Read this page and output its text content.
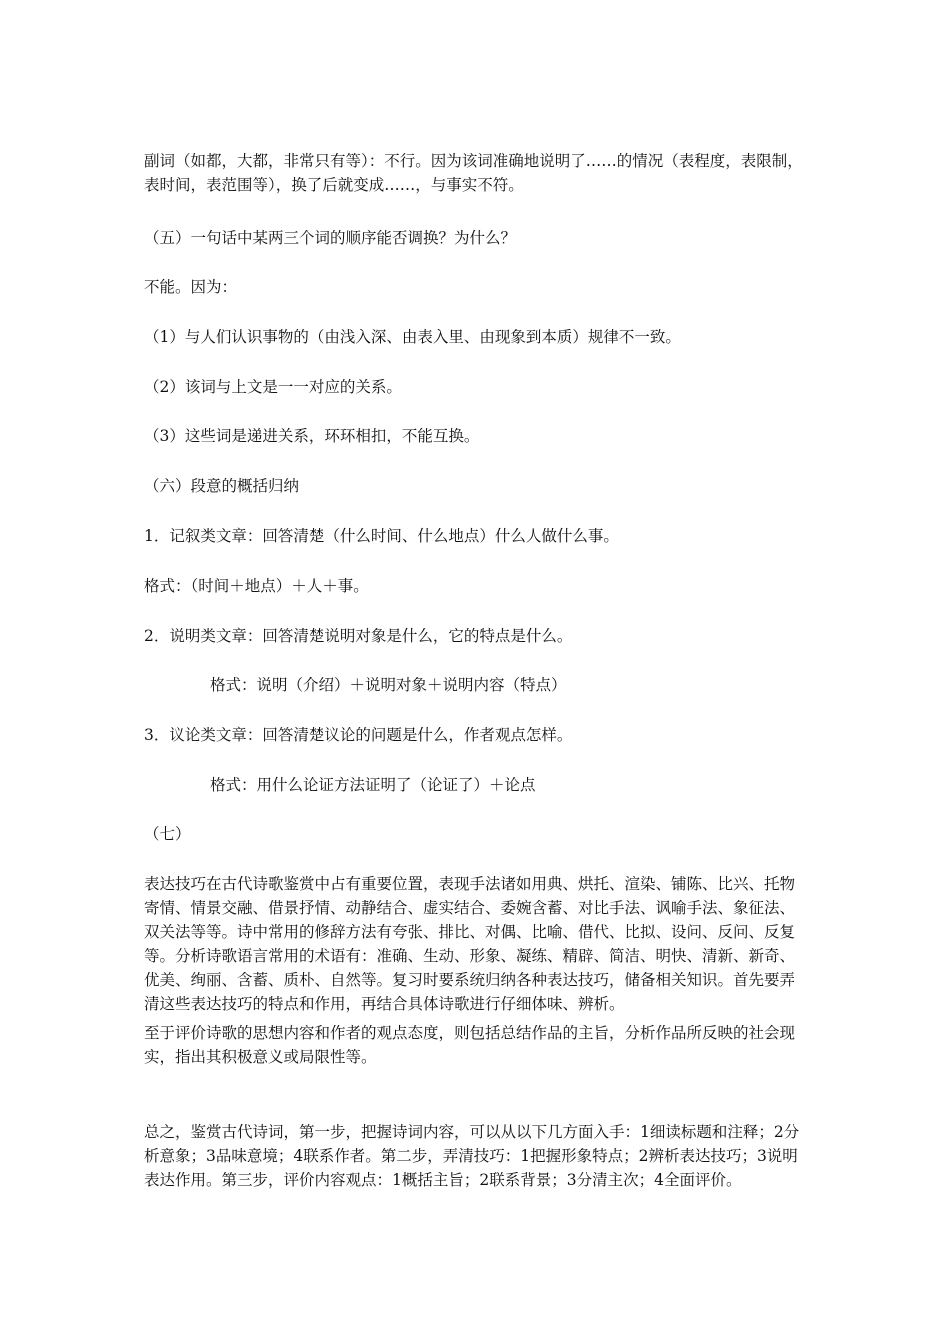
副词（如都，大都，非常只有等）：不行。因为该词准确地说明了……的情况（表程度，表限制，表时间，表范围等），换了后就变成……，与事实不符。

（五）一句话中某两三个词的顺序能否调换？为什么？

不能。因为：

（1）与人们认识事物的（由浅入深、由表入里、由现象到本质）规律不一致。

（2）该词与上文是一一对应的关系。

（3）这些词是递进关系，环环相扣，不能互换。

（六）段意的概括归纳

1．记叙类文章：回答清楚（什么时间、什么地点）什么人做什么事。

格式：（时间＋地点）＋人＋事。

2．说明类文章：回答清楚说明对象是什么，它的特点是什么。

格式：说明（介绍）＋说明对象＋说明内容（特点）

3．议论类文章：回答清楚议论的问题是什么，作者观点怎样。

格式：用什么论证方法证明了（论证了）＋论点

（七）

表达技巧在古代诗歌鉴赏中占有重要位置，表现手法诸如用典、烘托、渲染、铺陈、比兴、托物寄情、情景交融、借景抒情、动静结合、虚实结合、委婉含蓄、对比手法、讽喻手法、象征法、双关法等等。诗中常用的修辞方法有夸张、排比、对偶、比喻、借代、比拟、设问、反问、反复等。分析诗歌语言常用的术语有：准确、生动、形象、凝练、精辟、简洁、明快、清新、新奇、优美、绚丽、含蓄、质朴、自然等。复习时要系统归纳各种表达技巧，储备相关知识。首先要弄清这些表达技巧的特点和作用，再结合具体诗歌进行仔细体味、辨析。

至于评价诗歌的思想内容和作者的观点态度，则包括总结作品的主旨，分析作品所反映的社会现实，指出其积极意义或局限性等。

总之，鉴赏古代诗词，第一步，把握诗词内容，可以从以下几方面入手：1细读标题和注释；2分析意象；3品味意境；4联系作者。第二步，弄清技巧：1把握形象特点；2辨析表达技巧；3说明表达作用。第三步，评价内容观点：1概括主旨；2联系背景；3分清主次；4全面评价。
